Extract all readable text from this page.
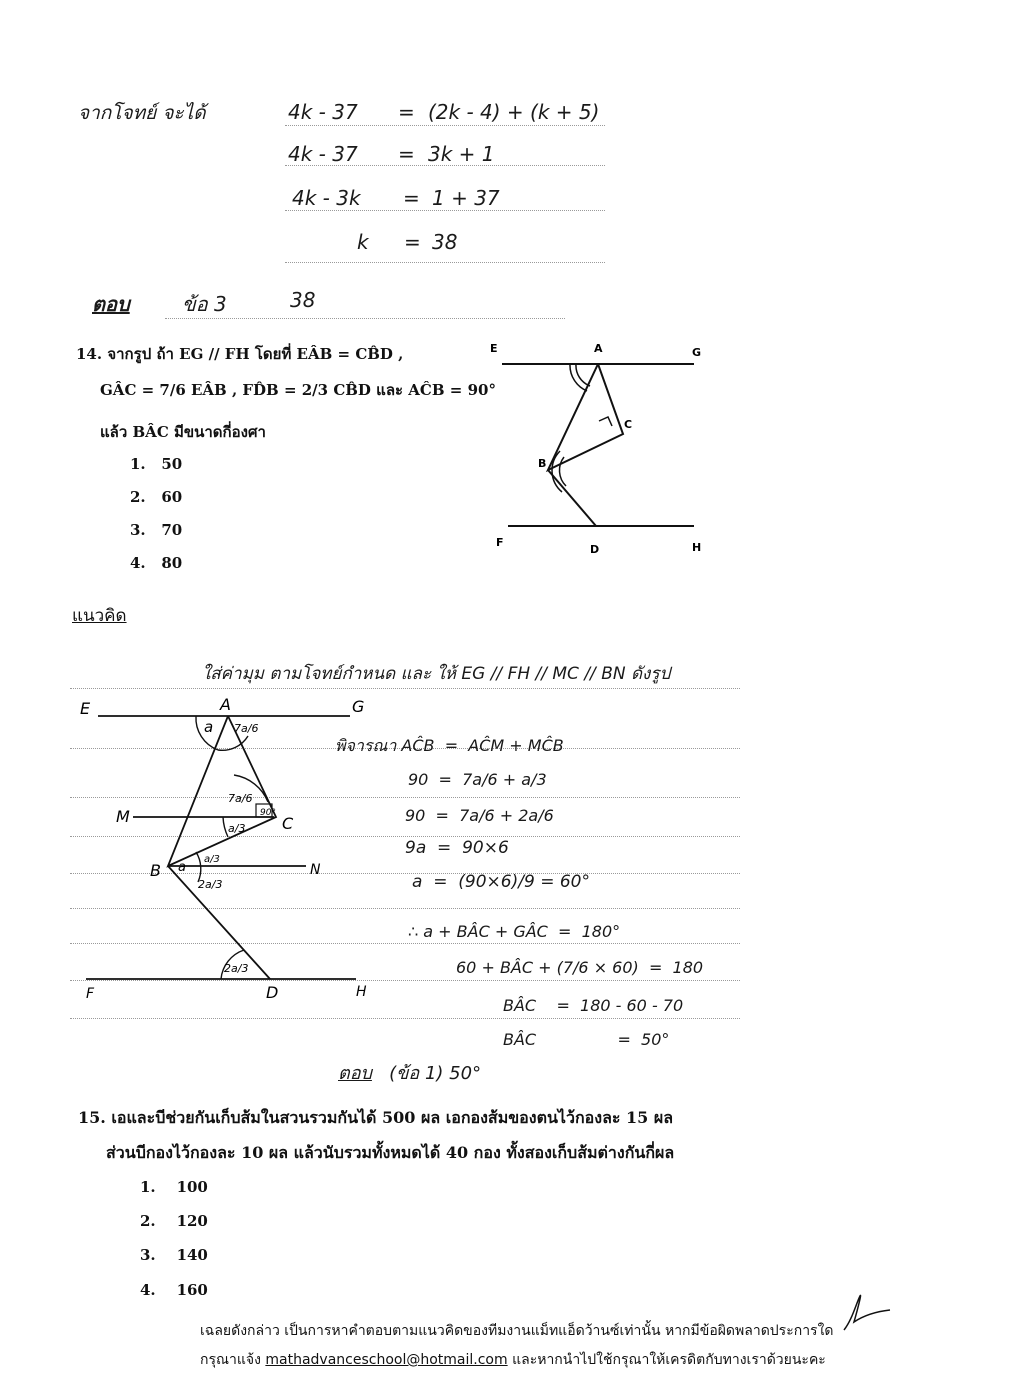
จากโจทย์ จะได้	4k - 37 = (2k - 4) + (k + 5)
4k - 37 = 3k + 1
4k - 3k = 1 + 37
k = 38
ตอบ	ข้อ 3	38
14. จากรูป ถ้า EG // FH โดยที่ EÂB = CB̂D ,
GÂC = 7/6 EÂB , FD̂B = 2/3 CB̂D และ AĈB = 90°
แล้ว BÂC มีขนาดกี่องศา
1. 50
2. 60
3. 70
4. 80
E	A	G
C
B
F
D	H
แนวคิด
ใส่ค่ามุม ตามโจทย์กำหนด และ ให้ EG // FH // MC // BN ดังรูป
E	A	G
M	C
B	N
F	D	H
a 7a/6
7a/6
a/3
90°
a/3
a
2a/3
2a/3
พิจารณา AĈB = AĈM + MĈB
90 = 7a/6 + a/3
90 = 7a/6 + 2a/6
9a = 90×6
a = (90×6)/9 = 60°
∴ a + BÂC + GÂC = 180°
60 + BÂC + (7/6 × 60) = 180
BÂC = 180 - 60 - 70
BÂC	= 50°
ตอบ (ข้อ 1) 50°
15. เอและบีช่วยกันเก็บส้มในสวนรวมกันได้ 500 ผล เอกองส้มของตนไว้กองละ 15 ผล
ส่วนบีกองไว้กองละ 10 ผล แล้วนับรวมทั้งหมดได้ 40 กอง ทั้งสองเก็บส้มต่างกันกี่ผล
1. 100
2. 120
3. 140
4. 160
เฉลยดังกล่าว เป็นการหาคำตอบตามแนวคิดของทีมงานแม็ทแอ็ดว้านซ์เท่านั้น หากมีข้อผิดพลาดประการใด
กรุณาแจ้ง mathadvanceschool@hotmail.com และหากนำไปใช้กรุณาให้เครดิตกับทางเราด้วยนะคะ
